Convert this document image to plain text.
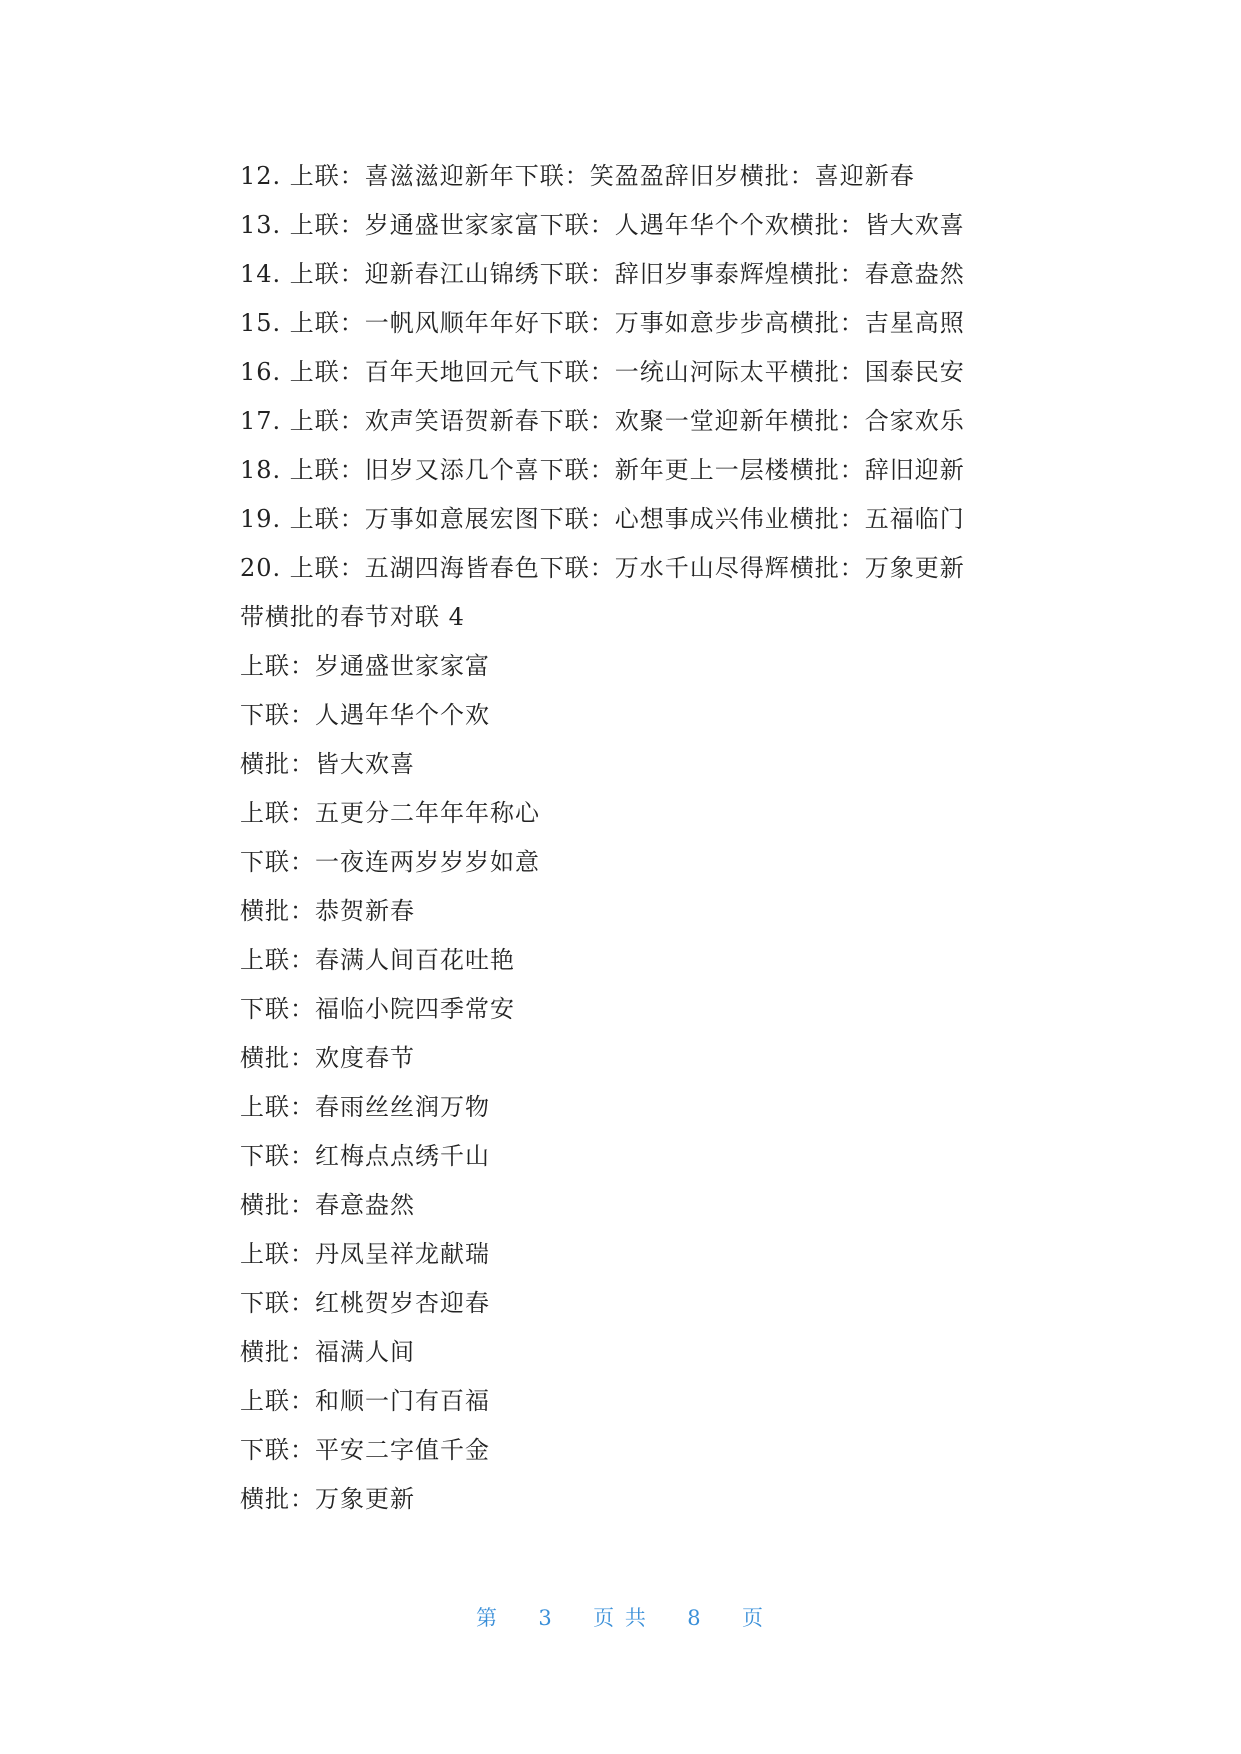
12. 上联：喜滋滋迎新年下联：笑盈盈辞旧岁横批：喜迎新春
13. 上联：岁通盛世家家富下联：人遇年华个个欢横批：皆大欢喜
14. 上联：迎新春江山锦绣下联：辞旧岁事泰辉煌横批：春意盎然
15. 上联：一帆风顺年年好下联：万事如意步步高横批：吉星高照
16. 上联：百年天地回元气下联：一统山河际太平横批：国泰民安
17. 上联：欢声笑语贺新春下联：欢聚一堂迎新年横批：合家欢乐
18. 上联：旧岁又添几个喜下联：新年更上一层楼横批：辞旧迎新
19. 上联：万事如意展宏图下联：心想事成兴伟业横批：五福临门
20. 上联：五湖四海皆春色下联：万水千山尽得辉横批：万象更新
带横批的春节对联 4
上联：岁通盛世家家富
下联：人遇年华个个欢
横批：皆大欢喜
上联：五更分二年年年称心
下联：一夜连两岁岁岁如意
横批：恭贺新春
上联：春满人间百花吐艳
下联：福临小院四季常安
横批：欢度春节
上联：春雨丝丝润万物
下联：红梅点点绣千山
横批：春意盎然
上联：丹凤呈祥龙献瑞
下联：红桃贺岁杏迎春
横批：福满人间
上联：和顺一门有百福
下联：平安二字值千金
横批：万象更新
第 3 页 共 8 页
